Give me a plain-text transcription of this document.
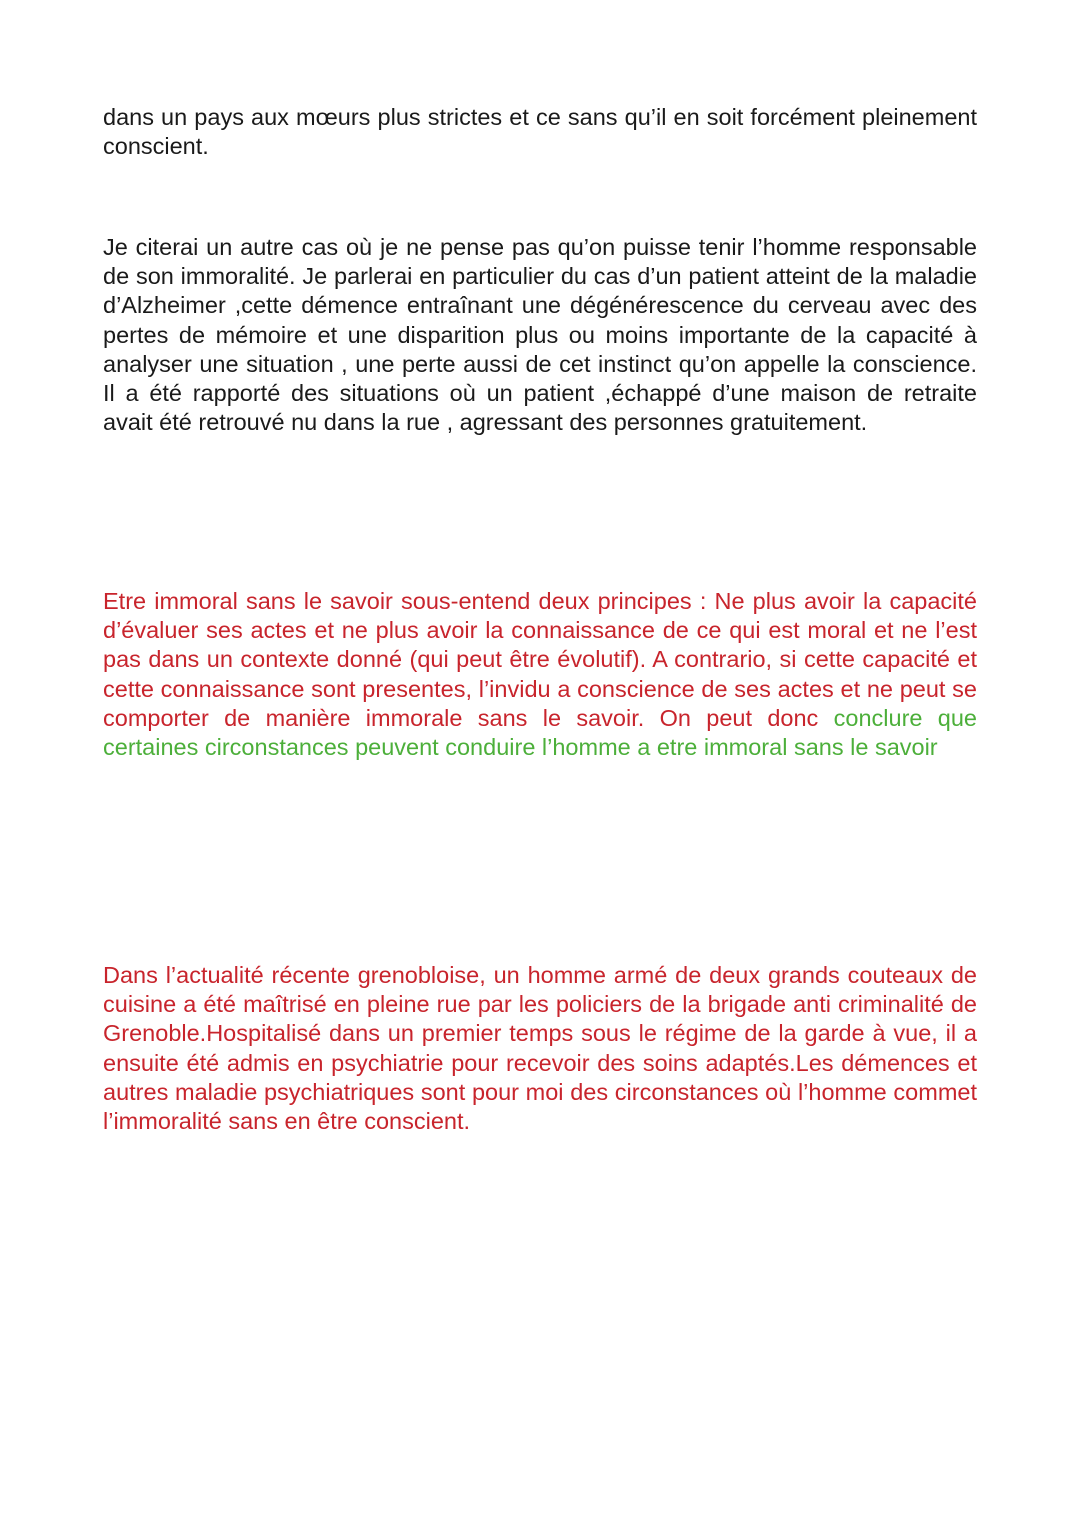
dans un pays aux mœurs plus strictes et ce sans qu’il en soit forcément pleinement conscient.

Je citerai un autre cas où je ne pense pas qu’on puisse tenir l’homme responsable de son immoralité. Je parlerai en particulier du cas d’un patient atteint de la maladie d’Alzheimer ,cette démence entraînant une dégénérescence du cerveau avec des pertes de mémoire et une disparition plus ou moins importante de la capacité à analyser une situation , une perte aussi de cet instinct qu’on appelle la conscience. Il a été rapporté des situations où un patient ,échappé d’une maison de retraite avait été retrouvé nu dans la rue , agressant des personnes gratuitement.

Etre immoral sans le savoir sous-entend deux principes : Ne plus avoir la capacité d’évaluer ses actes et ne plus avoir la connaissance de ce qui est moral et ne l’est pas dans un contexte donné (qui peut être évolutif). A contrario, si cette capacité et cette connaissance sont presentes, l’invidu a conscience de ses actes et ne peut se comporter de manière immorale sans le savoir. On peut donc conclure que certaines circonstances peuvent conduire l’homme a etre immoral sans le savoir

Dans l’actualité récente grenobloise, un homme armé de deux grands couteaux de cuisine a été maîtrisé en pleine rue par les policiers de la brigade anti criminalité de Grenoble.Hospitalisé dans un premier temps sous le régime de la garde à vue, il a ensuite été admis en psychiatrie pour recevoir des soins adaptés.Les démences et autres maladie psychiatriques sont pour moi des circonstances où l’homme commet l’immoralité sans en être conscient.
